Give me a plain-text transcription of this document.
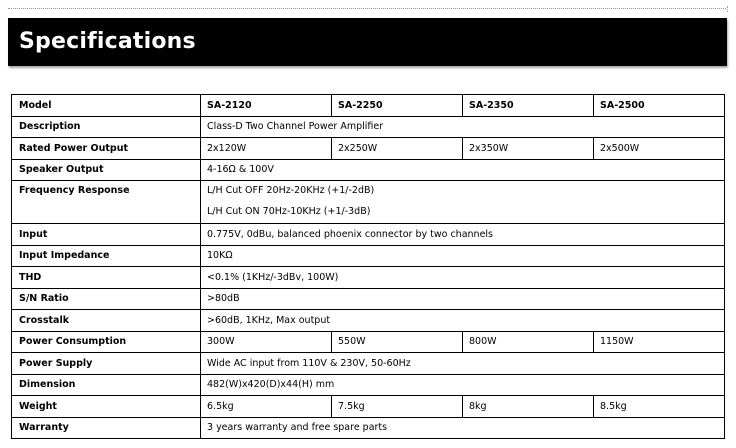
Specifications
Model	SA-2120	SA-2250	SA-2350	SA-2500
Description	Class-D Two Channel Power Amplifier			
Rated Power Output	2x120W	2x250W	2x350W	2x500W
Speaker Output	4-16Ω & 100V			

Frequency Response	L/H Cut OFF 20Hz-20KHz (+1/-2dB)
L/H Cut ON 70Hz-10KHz (+1/-3dB)			

Input	0.775V, 0dBu, balanced phoenix connector by two channels			
Input Impedance	10KΩ			
THD	<0.1% (1KHz/-3dBv, 100W)			
S/N Ratio	>80dB			
Crosstalk	>60dB, 1KHz, Max output			
Power Consumption	300W	550W	800W	1150W
Power Supply	Wide AC input from 110V & 230V, 50-60Hz			
Dimension	482(W)x420(D)x44(H) mm			
Weight	6.5kg	7.5kg	8kg	8.5kg
Warranty	3 years warranty and free spare parts			
